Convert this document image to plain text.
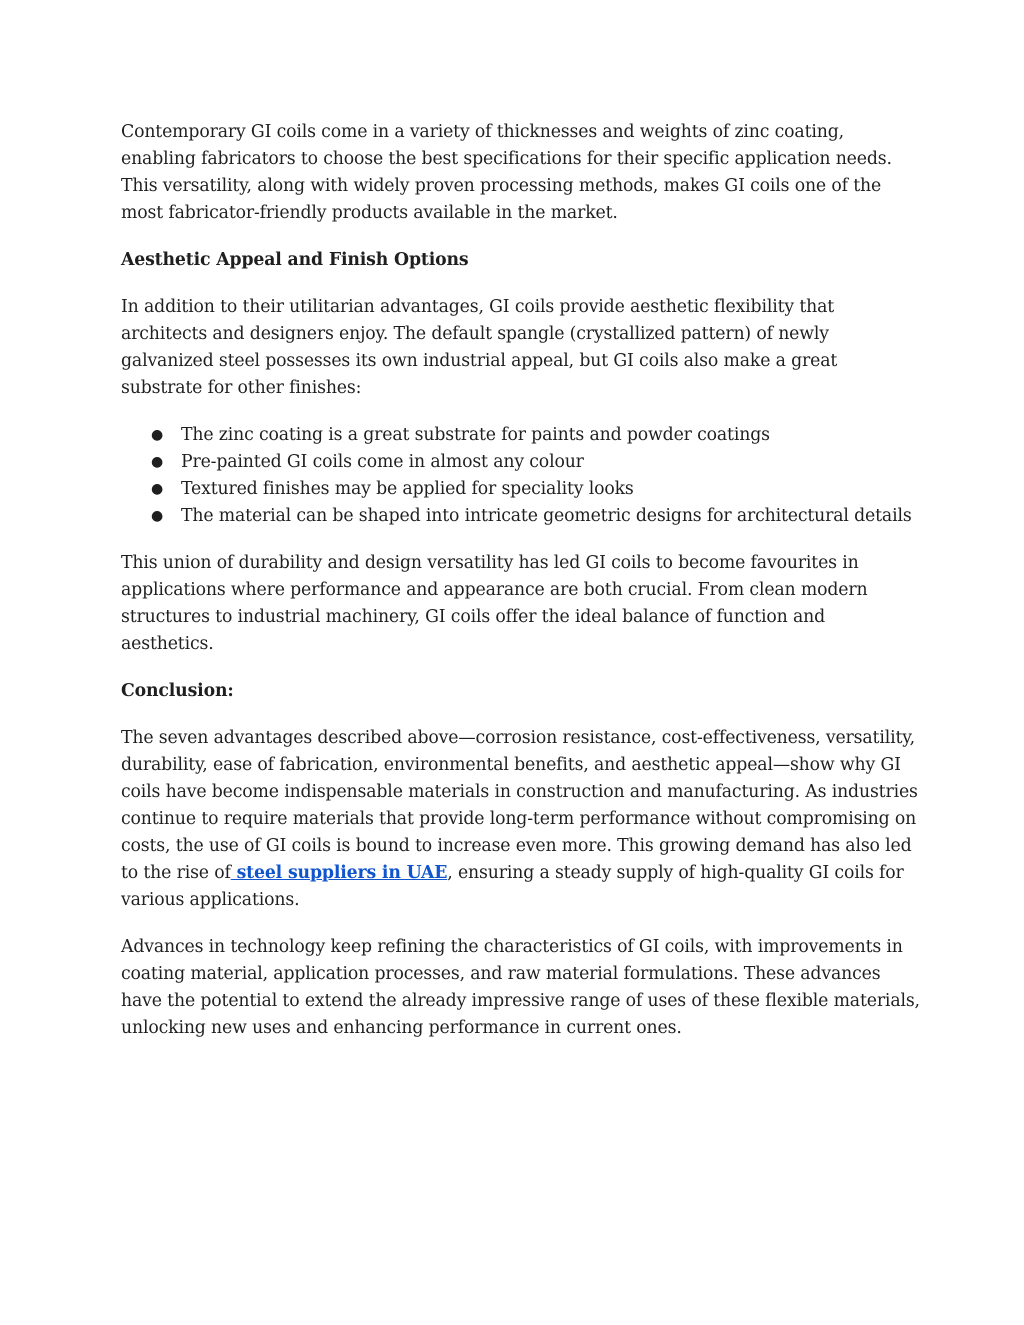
Contemporary GI coils come in a variety of thicknesses and weights of zinc coating, enabling fabricators to choose the best specifications for their specific application needs. This versatility, along with widely proven processing methods, makes GI coils one of the most fabricator-friendly products available in the market.

Aesthetic Appeal and Finish Options

In addition to their utilitarian advantages, GI coils provide aesthetic flexibility that architects and designers enjoy. The default spangle (crystallized pattern) of newly galvanized steel possesses its own industrial appeal, but GI coils also make a great substrate for other finishes:

● The zinc coating is a great substrate for paints and powder coatings
● Pre-painted GI coils come in almost any colour
● Textured finishes may be applied for speciality looks
● The material can be shaped into intricate geometric designs for architectural details

This union of durability and design versatility has led GI coils to become favourites in applications where performance and appearance are both crucial. From clean modern structures to industrial machinery, GI coils offer the ideal balance of function and aesthetics.

Conclusion:

The seven advantages described above—corrosion resistance, cost-effectiveness, versatility, durability, ease of fabrication, environmental benefits, and aesthetic appeal—show why GI coils have become indispensable materials in construction and manufacturing. As industries continue to require materials that provide long-term performance without compromising on costs, the use of GI coils is bound to increase even more. This growing demand has also led to the rise of steel suppliers in UAE, ensuring a steady supply of high-quality GI coils for various applications.

Advances in technology keep refining the characteristics of GI coils, with improvements in coating material, application processes, and raw material formulations. These advances have the potential to extend the already impressive range of uses of these flexible materials, unlocking new uses and enhancing performance in current ones.
